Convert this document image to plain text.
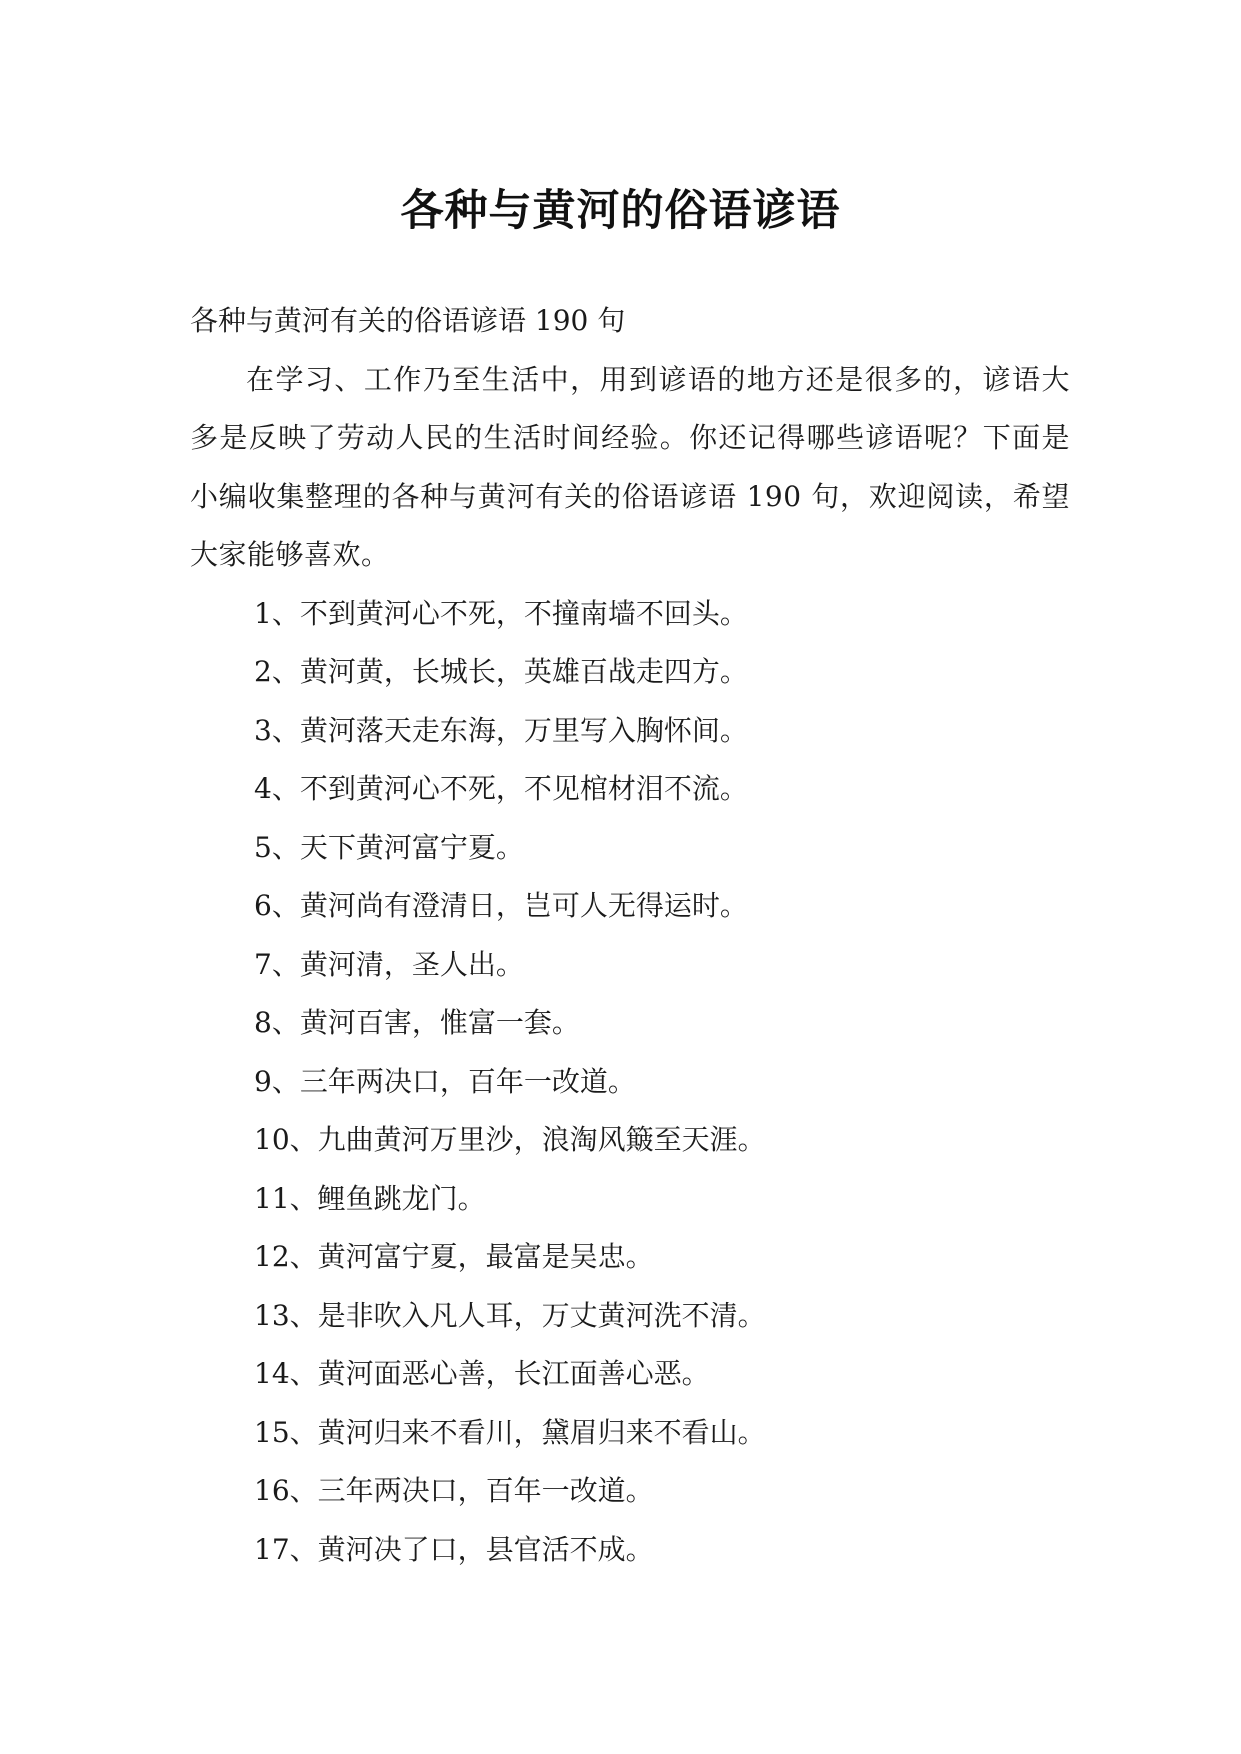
各种与黄河的俗语谚语

各种与黄河有关的俗语谚语 190 句

在学习、工作乃至生活中，用到谚语的地方还是很多的，谚语大多是反映了劳动人民的生活时间经验。你还记得哪些谚语呢？下面是小编收集整理的各种与黄河有关的俗语谚语 190 句，欢迎阅读，希望大家能够喜欢。

1、不到黄河心不死，不撞南墙不回头。
2、黄河黄，长城长，英雄百战走四方。
3、黄河落天走东海，万里写入胸怀间。
4、不到黄河心不死，不见棺材泪不流。
5、天下黄河富宁夏。
6、黄河尚有澄清日，岂可人无得运时。
7、黄河清，圣人出。
8、黄河百害，惟富一套。
9、三年两决口，百年一改道。
10、九曲黄河万里沙，浪淘风簸至天涯。
11、鲤鱼跳龙门。
12、黄河富宁夏，最富是吴忠。
13、是非吹入凡人耳，万丈黄河洗不清。
14、黄河面恶心善，长江面善心恶。
15、黄河归来不看川，黛眉归来不看山。
16、三年两决口，百年一改道。
17、黄河决了口，县官活不成。
